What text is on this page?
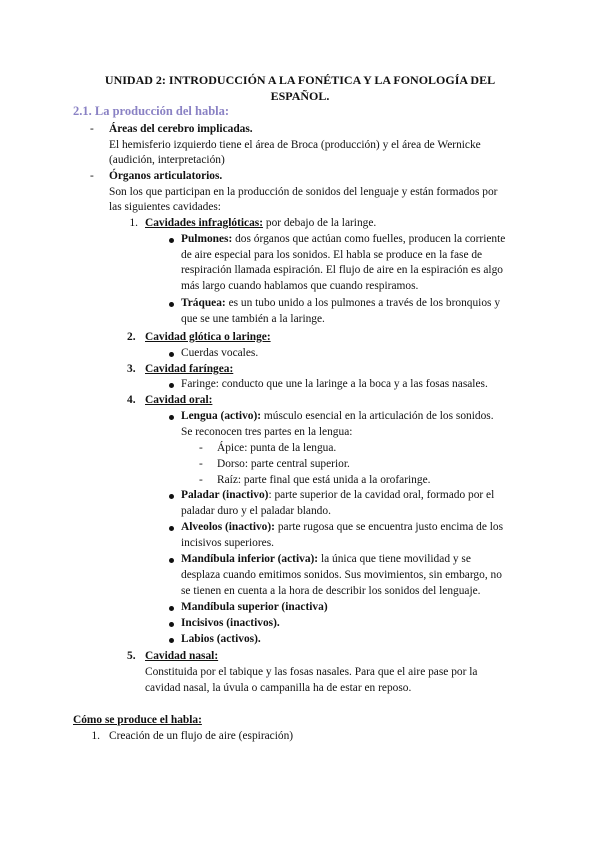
UNIDAD 2: INTRODUCCIÓN A LA FONÉTICA Y LA FONOLOGÍA DEL ESPAÑOL.
2.1. La producción del habla:
- Áreas del cerebro implicadas.
El hemisferio izquierdo tiene el área de Broca (producción) y el área de Wernicke
(audición, interpretación)
- Órganos articulatorios.
Son los que participan en la producción de sonidos del lenguaje y están formados por
las siguientes cavidades:
1. Cavidades infraglóticas: por debajo de la laringe.
Pulmones: dos órganos que actúan como fuelles, producen la corriente
de aire especial para los sonidos. El habla se produce en la fase de
respiración llamada espiración. El flujo de aire en la espiración es algo
más largo cuando hablamos que cuando respiramos.
Tráquea: es un tubo unido a los pulmones a través de los bronquios y
que se une también a la laringe.
2. Cavidad glótica o laringe:
Cuerdas vocales.
3. Cavidad faríngea:
Faringe: conducto que une la laringe a la boca y a las fosas nasales.
4. Cavidad oral:
Lengua (activo): músculo esencial en la articulación de los sonidos.
Se reconocen tres partes en la lengua:
- Ápice: punta de la lengua.
- Dorso: parte central superior.
- Raíz: parte final que está unida a la orofaringe.
Paladar (inactivo): parte superior de la cavidad oral, formado por el
paladar duro y el paladar blando.
Alveolos (inactivo): parte rugosa que se encuentra justo encima de los
incisivos superiores.
Mandíbula inferior (activa): la única que tiene movilidad y se
desplaza cuando emitimos sonidos. Sus movimientos, sin embargo, no
se tienen en cuenta a la hora de describir los sonidos del lenguaje.
Mandíbula superior (inactiva)
Incisivos (inactivos).
Labios (activos).
5. Cavidad nasal:
Constituida por el tabique y las fosas nasales. Para que el aire pase por la
cavidad nasal, la úvula o campanilla ha de estar en reposo.
Cómo se produce el habla:
1. Creación de un flujo de aire (espiración)
